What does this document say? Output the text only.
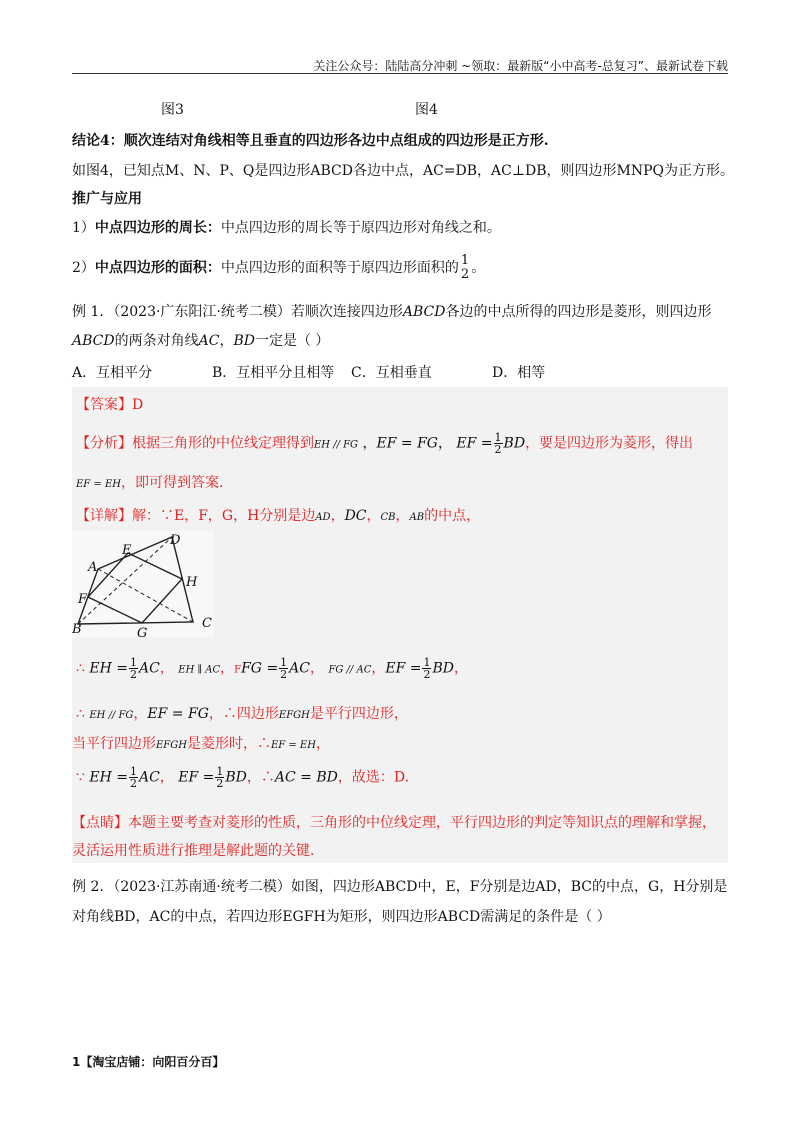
关注公众号：陆陆高分冲刺 ~领取：最新版“小中高考-总复习”、最新试卷下载
图3	图4
结论4：顺次连结对角线相等且垂直的四边形各边中点组成的四边形是正方形.
如图4，已知点M、N、P、Q是四边形ABCD各边中点，AC=DB，AC⊥DB，则四边形MNPQ为正方形。
推广与应用
1）中点四边形的周长：中点四边形的周长等于原四边形对角线之和。
2）中点四边形的面积：中点四边形的面积等于原四边形面积的 1
2 。
例 1．（2023·广东阳江·统考二模）若顺次连接四边形ABCD各边的中点所得的四边形是菱形，则四边形
ABCD的两条对角线AC，BD一定是（ ）
A．互相平分	B．互相平分且相等 C．互相垂直	D．相等
【答案】D
【分析】根据三角形的中位线定理得到EH // FG ，EF = FG， EF = $\frac{1}{2}$ BD，要是四边形为菱形，得出
EF = EH，即可得到答案.
【详解】解：∵E，F，G，H分别是边AD，DC，CB，AB的中点，
A
B	C
D
E
F
G
H
∴ EH = $\frac{1}{2}$ AC， EH ∥ AC，FFG = $\frac{1}{2}$ AC， FG // AC，EF = $\frac{1}{2}$ BD，
∴ EH // FG，EF = FG，∴四边形EFGH是平行四边形，
当平行四边形EFGH是菱形时，∴EF = EH，
∵ EH = $\frac{1}{2}$ AC， EF = $\frac{1}{2}$ BD，∴AC = BD，故选：D.
【点睛】本题主要考查对菱形的性质，三角形的中位线定理，平行四边形的判定等知识点的理解和掌握，
灵活运用性质进行推理是解此题的关键.
例 2．（2023·江苏南通·统考二模）如图，四边形ABCD中，E，F分别是边AD，BC的中点，G，H分别是
对角线BD，AC的中点，若四边形EGFH为矩形，则四边形ABCD需满足的条件是（ ）
1【淘宝店铺：向阳百分百】
